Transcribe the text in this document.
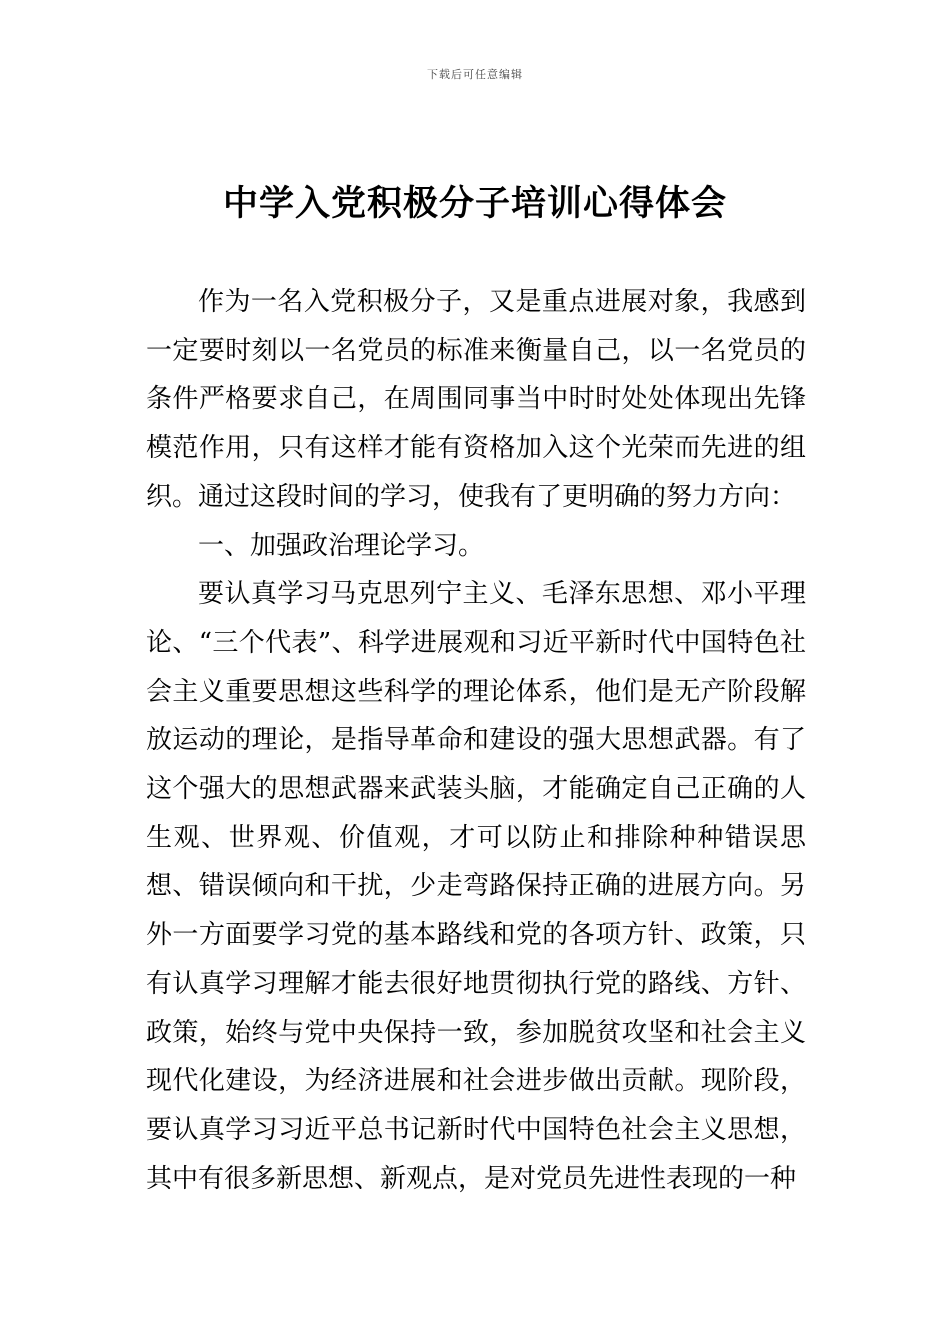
下载后可任意编辑
中学入党积极分子培训心得体会

作为一名入党积极分子，又是重点进展对象，我感到一定要时刻以一名党员的标准来衡量自己，以一名党员的条件严格要求自己，在周围同事当中时时处处体现出先锋模范作用，只有这样才能有资格加入这个光荣而先进的组织。通过这段时间的学习，使我有了更明确的努力方向：

一、加强政治理论学习。

要认真学习马克思列宁主义、毛泽东思想、邓小平理论、“三个代表”、科学进展观和习近平新时代中国特色社会主义重要思想这些科学的理论体系，他们是无产阶段解放运动的理论，是指导革命和建设的强大思想武器。有了这个强大的思想武器来武装头脑，才能确定自己正确的人生观、世界观、价值观，才可以防止和排除种种错误思想、错误倾向和干扰，少走弯路保持正确的进展方向。另外一方面要学习党的基本路线和党的各项方针、政策，只有认真学习理解才能去很好地贯彻执行党的路线、方针、政策，始终与党中央保持一致，参加脱贫攻坚和社会主义现代化建设，为经济进展和社会进步做出贡献。现阶段，要认真学习习近平总书记新时代中国特色社会主义思想，其中有很多新思想、新观点，是对党员先进性表现的一种
